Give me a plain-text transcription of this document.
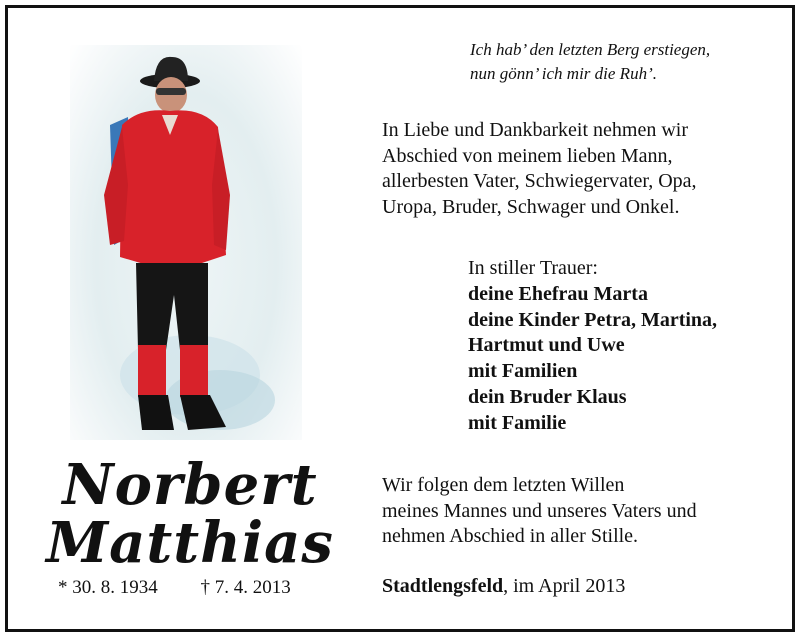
Ich hab’ den letzten Berg erstiegen,
nun gönn’ ich mir die Ruh’.
In Liebe und Dankbarkeit nehmen wir
Abschied von meinem lieben Mann,
allerbesten Vater, Schwiegervater, Opa,
Uropa, Bruder, Schwager und Onkel.
In stiller Trauer:
deine Ehefrau Marta
deine Kinder Petra, Martina,
Hartmut und Uwe
mit Familien
dein Bruder Klaus
mit Familie
Wir folgen dem letzten Willen
meines Mannes und unseres Vaters und
nehmen Abschied in aller Stille.
Stadtlengsfeld, im April 2013
Norbert
Matthias
* 30. 8. 1934 † 7. 4. 2013
